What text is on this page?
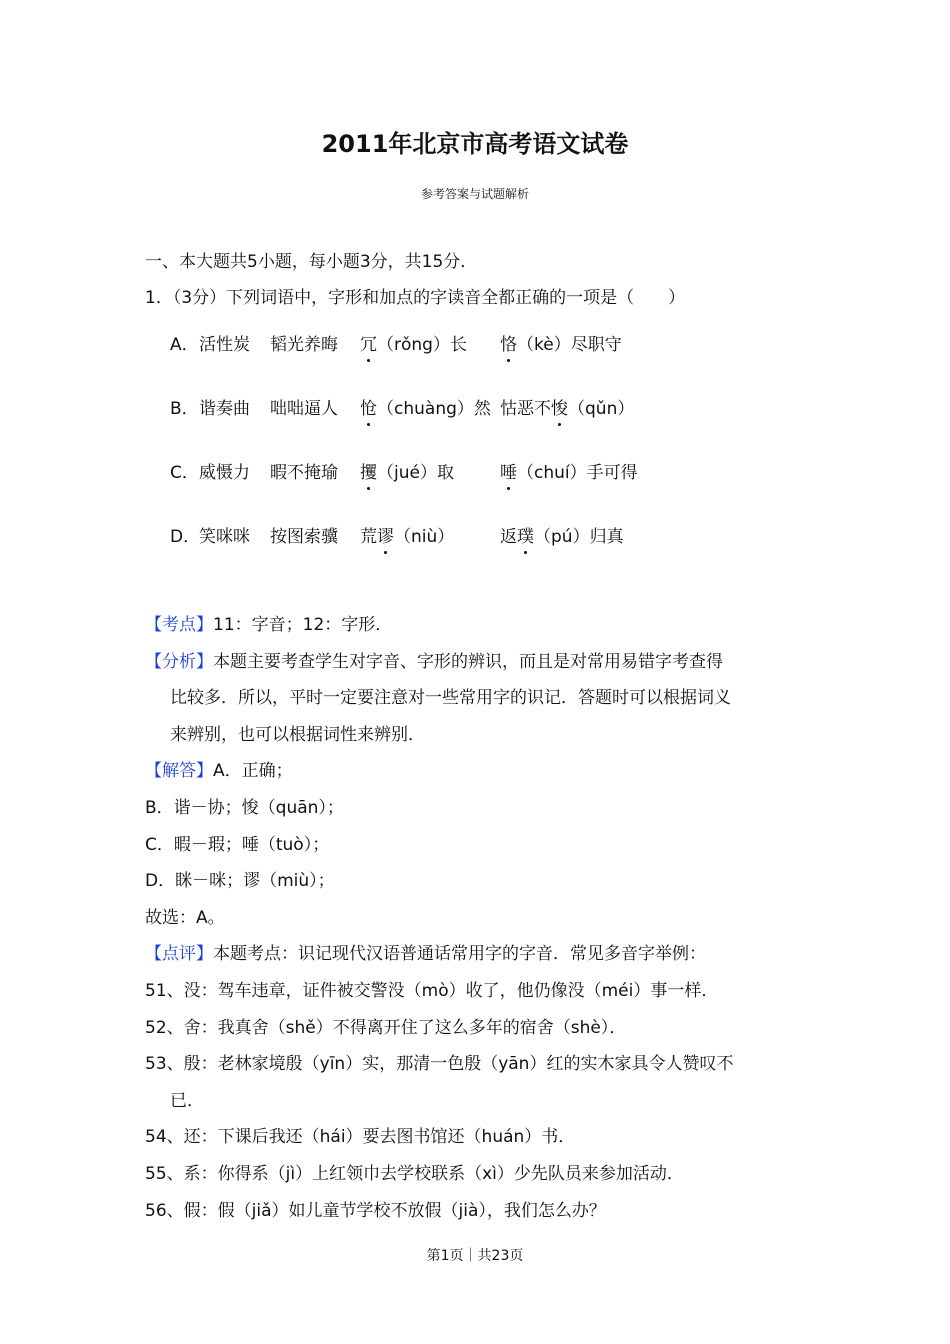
2011年北京市高考语文试卷
参考答案与试题解析
一、本大题共5小题，每小题3分，共15分．
1．（3分）下列词语中，字形和加点的字读音全都正确的一项是（　　）
A． 活性炭 韬光养晦 冗（rǒng）长 恪（kè）尽职守
B． 谐奏曲 咄咄逼人 怆（chuàng）然 怙恶不悛（qǔn）
C． 威慑力 暇不掩瑜 攫（jué）取	唾（chuí）手可得
D．
笑咪咪 按图索骥 荒谬（niù）	返璞（pú）归真
【考点】11：字音；12：字形．
【分析】本题主要考查学生对字音、字形的辨识，而且是对常用易错字考查得
比较多．所以，平时一定要注意对一些常用字的识记．答题时可以根据词义
来辨别，也可以根据词性来辨别．
【解答】A．正确；
B．谐－协；悛（quān）；
C．暇－瑕；唾（tuò）；
D．眯－咪；谬（miù）；
故选：A。
【点评】本题考点：识记现代汉语普通话常用字的字音．常见多音字举例：
51、没：驾车违章，证件被交警没（mò）收了，他仍像没（méi）事一样．
52、舍：我真舍（shě）不得离开住了这么多年的宿舍（shè）．
53、殷：老林家境殷（yīn）实，那清一色殷（yān）红的实木家具令人赞叹不
已．
54、还：下课后我还（hái）要去图书馆还（huán）书．
55、系：你得系（jì）上红领巾去学校联系（xì）少先队员来参加活动．
56、假：假（jiǎ）如儿童节学校不放假（jià），我们怎么办？
第1页｜共23页
